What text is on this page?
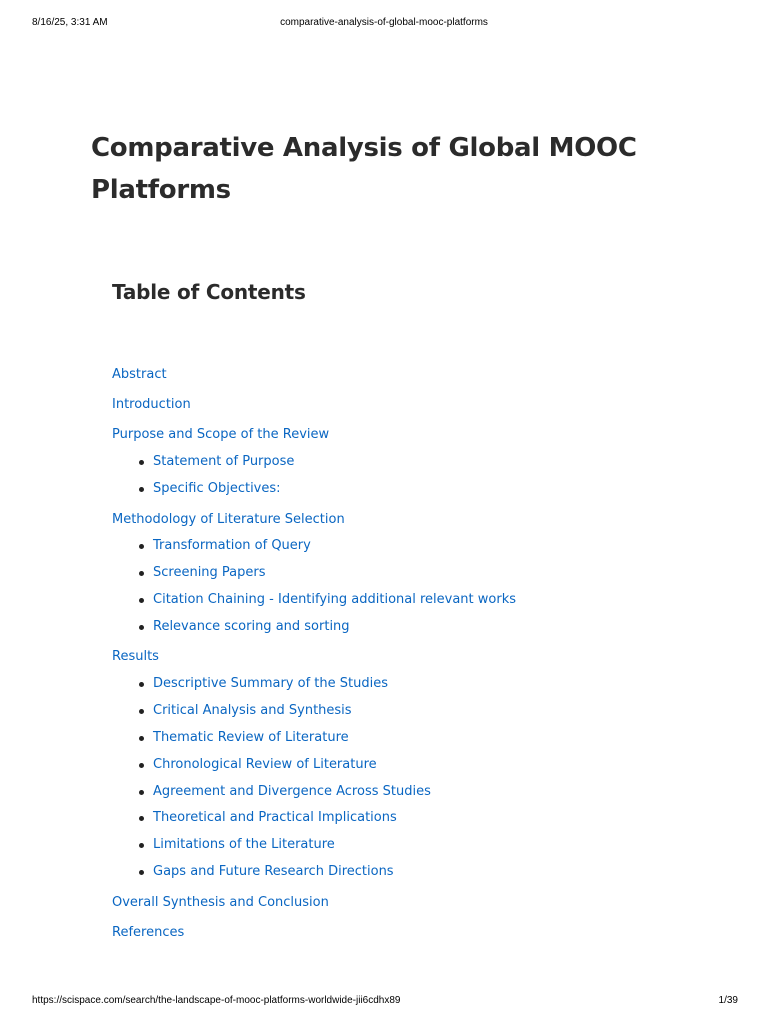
8/16/25, 3:31 AM	comparative-analysis-of-global-mooc-platforms
Comparative Analysis of Global MOOC Platforms
Table of Contents
Abstract
Introduction
Purpose and Scope of the Review
Statement of Purpose
Specific Objectives:
Methodology of Literature Selection
Transformation of Query
Screening Papers
Citation Chaining - Identifying additional relevant works
Relevance scoring and sorting
Results
Descriptive Summary of the Studies
Critical Analysis and Synthesis
Thematic Review of Literature
Chronological Review of Literature
Agreement and Divergence Across Studies
Theoretical and Practical Implications
Limitations of the Literature
Gaps and Future Research Directions
Overall Synthesis and Conclusion
References
https://scispace.com/search/the-landscape-of-mooc-platforms-worldwide-jii6cdhx89	1/39
